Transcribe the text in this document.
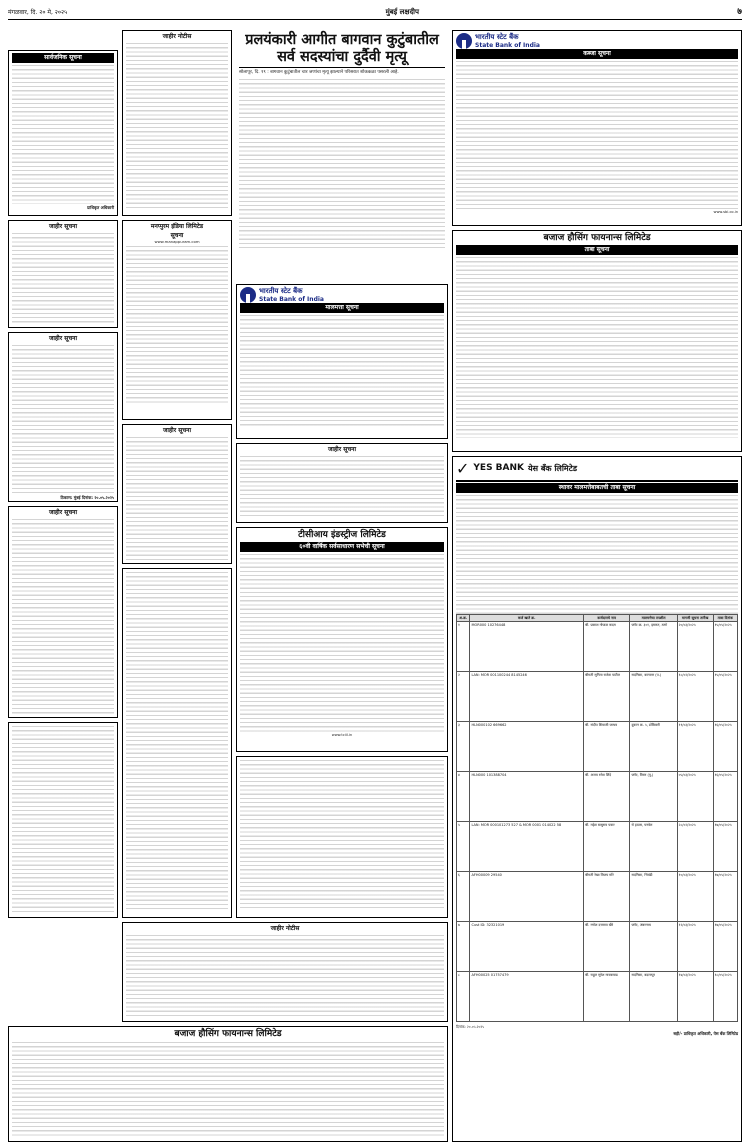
मंगळवार, दि. २० मे, २०२५	मुंबई लक्षदीप	७
सार्वजनिक सूचना
प्राधिकृत अधिकारी
जाहीर सूचना
जाहीर सूचना
ठिकाण: मुंबई दिनांक: २०.०५.२०२५
जाहीर सूचना
जाहीर नोटीस
मनप्पुरम इंडिया लिमिटेड
सूचना
www.manappuram.com
जाहीर सूचना
प्रलयंकारी आगीत बागवान कुटुंबातील
सर्व सदस्यांचा दुर्दैवी मृत्यू
सोलापूर, दि. १९ : बागवान कुटुंबातील चार जणांचा मृत्यू झाल्याने परिसरात शोककळा पसरली आहे.
भारतीय स्टेट बैंक
State Bank of India
मालमत्ता सूचना
जाहीर सूचना
टीसीआय इंडस्ट्रीज लिमिटेड
६०वी वार्षिक सर्वसाधारण सभेची सूचना
www.tciil.in
जाहीर नोटीस
बजाज हौसिंग फायनान्स लिमिटेड
भारतीय स्टेट बैंक
State Bank of India
कब्जा सूचना
www.sbi.co.in
बजाज हौसिंग फायनान्स लिमिटेड
ताबा सूचना
✓ YES BANK येस बँक लिमिटेड
स्थावर मालमत्तेबाबतची ताबा सूचना
अ.क्र.	कर्ज खाते क्र.	कर्जदाराचे नाव	मालमत्तेचा तपशील	मागणी सूचना तारीख	ताबा दिनांक
१	MOR000 10276448	श्री. प्रकाश गोपाळ कदम	फ्लॅट क्र. ३०१, इमारत, ठाणे	२०/०३/२०२५	१५/०५/२०२५
२	LAN: MOR 001100244 8145246	श्रीमती सुनिता राजेश पाटील	सदनिका, कल्याण (प.)	१८/०२/२०२५	१५/०५/२०२५
३	HLN000102 669662	श्री. संदीप शिवाजी जाधव	दुकान क्र. ५, डोंबिवली	११/०३/२०२५	१६/०५/२०२५
४	HLN000 101388704	श्री. अजय रमेश शिंदे	फ्लॅट, विरार (पू.)	०५/०३/२०२५	१६/०५/२०२५
५	LAN: MOR 000101273 527 & MOR 0001 014022 58	श्री. महेश बाबुराव पवार	रो हाउस, पनवेल	२८/०२/२०२५	१७/०५/२०२५
६	AFH00009 29540	श्रीमती रेखा विजय मोरे	सदनिका, भिवंडी	१०/०३/२०२५	१७/०५/२०२५
७	Cust ID: 32321019	श्री. गणेश दत्तात्रय खैरे	फ्लॅट, अंबरनाथ	१२/०३/२०२५	१७/०५/२०२५
८	AFH00025 01757479	श्री. राहुल सुरेश गायकवाड	सदनिका, बदलापूर	१४/०३/२०२५	१८/०५/२०२५
दिनांक: २०.०५.२०२५
सही/- प्राधिकृत अधिकारी, येस बँक लिमिटेड
